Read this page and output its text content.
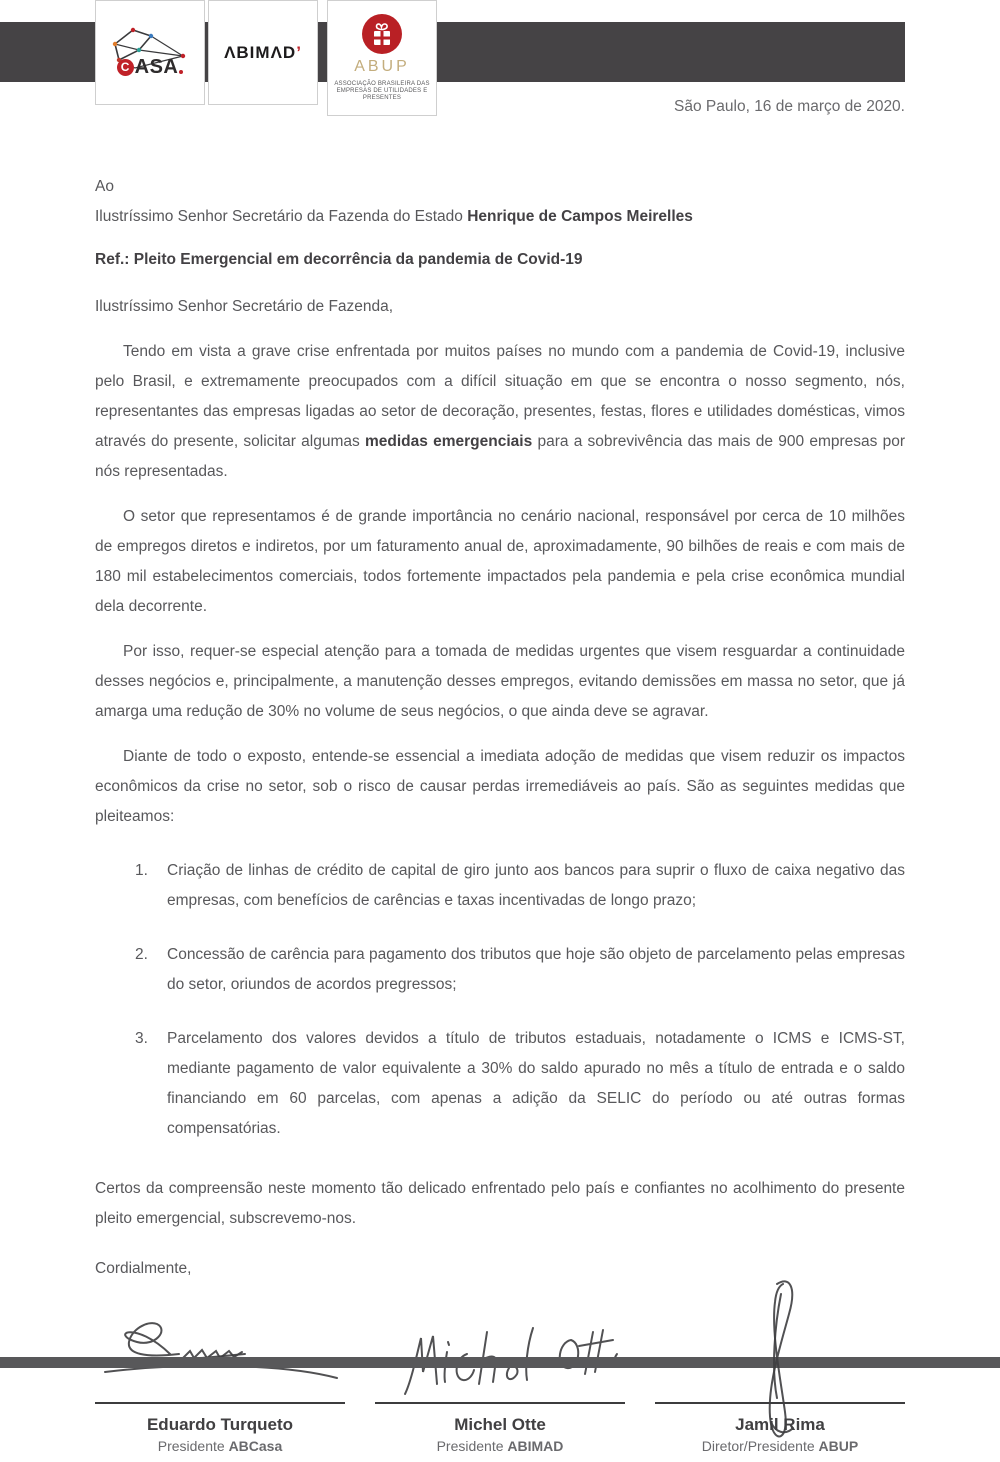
C ASA
ΛBIMΛD’
ABUP
ASSOCIAÇÃO BRASILEIRA DAS EMPRESAS DE UTILIDADES E PRESENTES	São Paulo, 16 de março de 2020.
Ao
Ilustríssimo Senhor Secretário da Fazenda do Estado Henrique de Campos Meirelles
Ref.: Pleito Emergencial em decorrência da pandemia de Covid-19
Ilustríssimo Senhor Secretário de Fazenda,

Tendo em vista a grave crise enfrentada por muitos países no mundo com a pandemia de Covid-19, inclusive pelo Brasil, e extremamente preocupados com a difícil situação em que se encontra o nosso segmento, nós, representantes das empresas ligadas ao setor de decoração, presentes, festas, flores e utilidades domésticas, vimos através do presente, solicitar algumas medidas emergenciais para a sobrevivência das mais de 900 empresas por nós representadas.

O setor que representamos é de grande importância no cenário nacional, responsável por cerca de 10 milhões de empregos diretos e indiretos, por um faturamento anual de, aproximadamente, 90 bilhões de reais e com mais de 180 mil estabelecimentos comerciais, todos fortemente impactados pela pandemia e pela crise econômica mundial dela decorrente.

Por isso, requer-se especial atenção para a tomada de medidas urgentes que visem resguardar a continuidade desses negócios e, principalmente, a manutenção desses empregos, evitando demissões em massa no setor, que já amarga uma redução de 30% no volume de seus negócios, o que ainda deve se agravar.

Diante de todo o exposto, entende-se essencial a imediata adoção de medidas que visem reduzir os impactos econômicos da crise no setor, sob o risco de causar perdas irremediáveis ao país. São as seguintes medidas que pleiteamos:

1.	Criação de linhas de crédito de capital de giro junto aos bancos para suprir o fluxo de caixa negativo das empresas, com benefícios de carências e taxas incentivadas de longo prazo;
2.	Concessão de carência para pagamento dos tributos que hoje são objeto de parcelamento pelas empresas do setor, oriundos de acordos pregressos;
3.	Parcelamento dos valores devidos a título de tributos estaduais, notadamente o ICMS e ICMS-ST, mediante pagamento de valor equivalente a 30% do saldo apurado no mês a título de entrada e o saldo financiando em 60 parcelas, com apenas a adição da SELIC do período ou até outras formas compensatórias.
Certos da compreensão neste momento tão delicado enfrentado pelo país e confiantes no acolhimento do presente pleito emergencial, subscrevemo-nos.
Cordialmente,
Eduardo Turqueto
Presidente ABCasa
Michel Otte
Presidente ABIMAD
Jamil Rima
Diretor/Presidente ABUP
